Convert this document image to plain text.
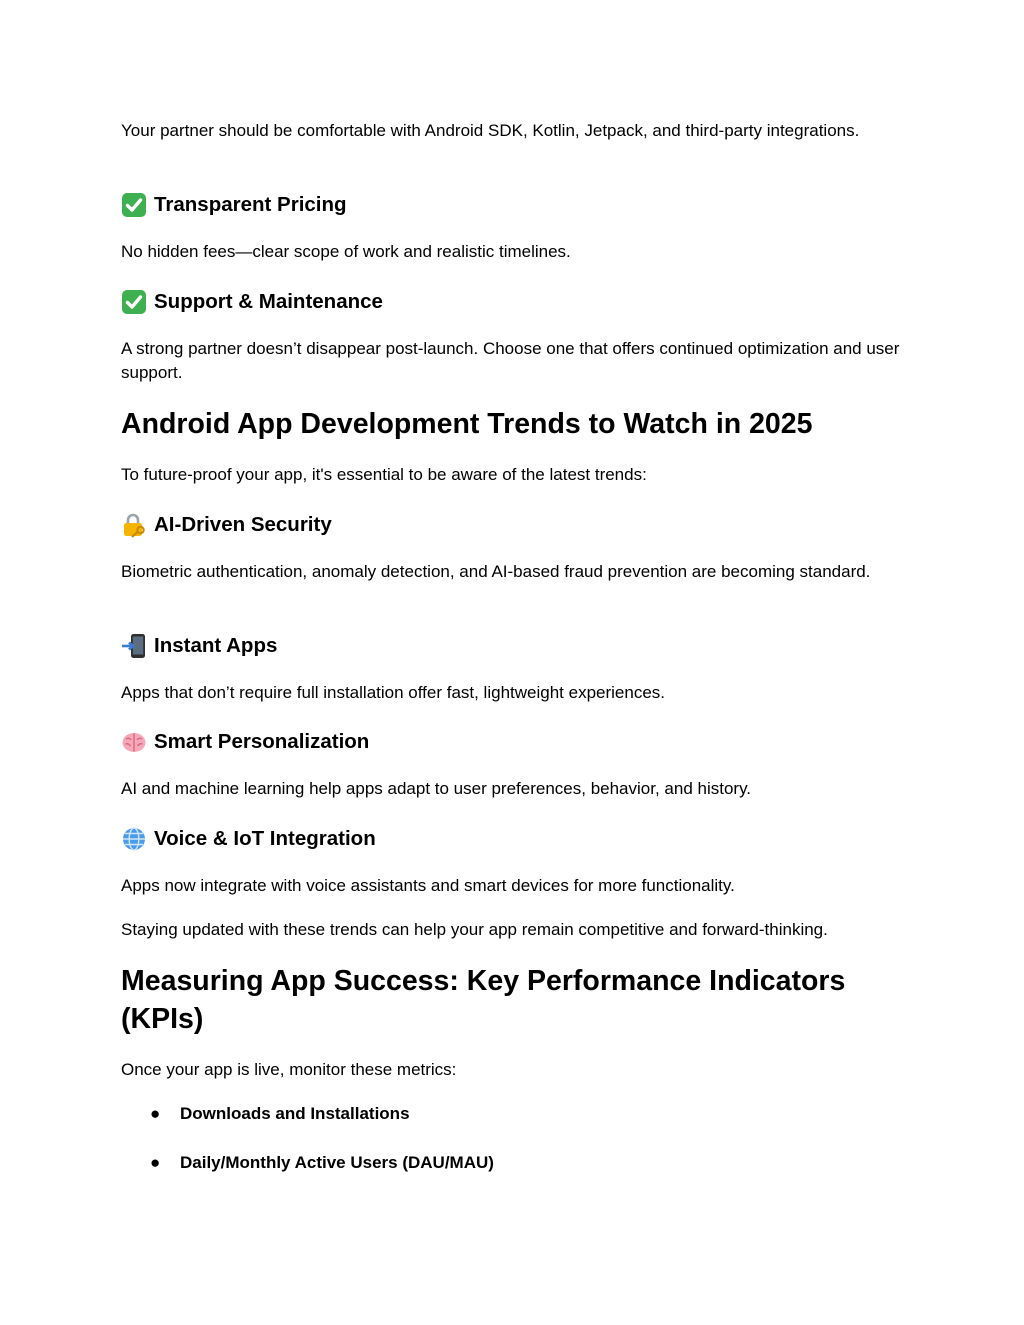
Your partner should be comfortable with Android SDK, Kotlin, Jetpack, and third-party integrations.

Transparent Pricing

No hidden fees—clear scope of work and realistic timelines.

Support & Maintenance

A strong partner doesn’t disappear post-launch. Choose one that offers continued optimization and user support.

Android App Development Trends to Watch in 2025

To future-proof your app, it's essential to be aware of the latest trends:

AI-Driven Security

Biometric authentication, anomaly detection, and AI-based fraud prevention are becoming standard.

Instant Apps

Apps that don’t require full installation offer fast, lightweight experiences.

Smart Personalization

AI and machine learning help apps adapt to user preferences, behavior, and history.

Voice & IoT Integration

Apps now integrate with voice assistants and smart devices for more functionality.

Staying updated with these trends can help your app remain competitive and forward-thinking.

Measuring App Success: Key Performance Indicators (KPIs)

Once your app is live, monitor these metrics:

● Downloads and Installations
● Daily/Monthly Active Users (DAU/MAU)
